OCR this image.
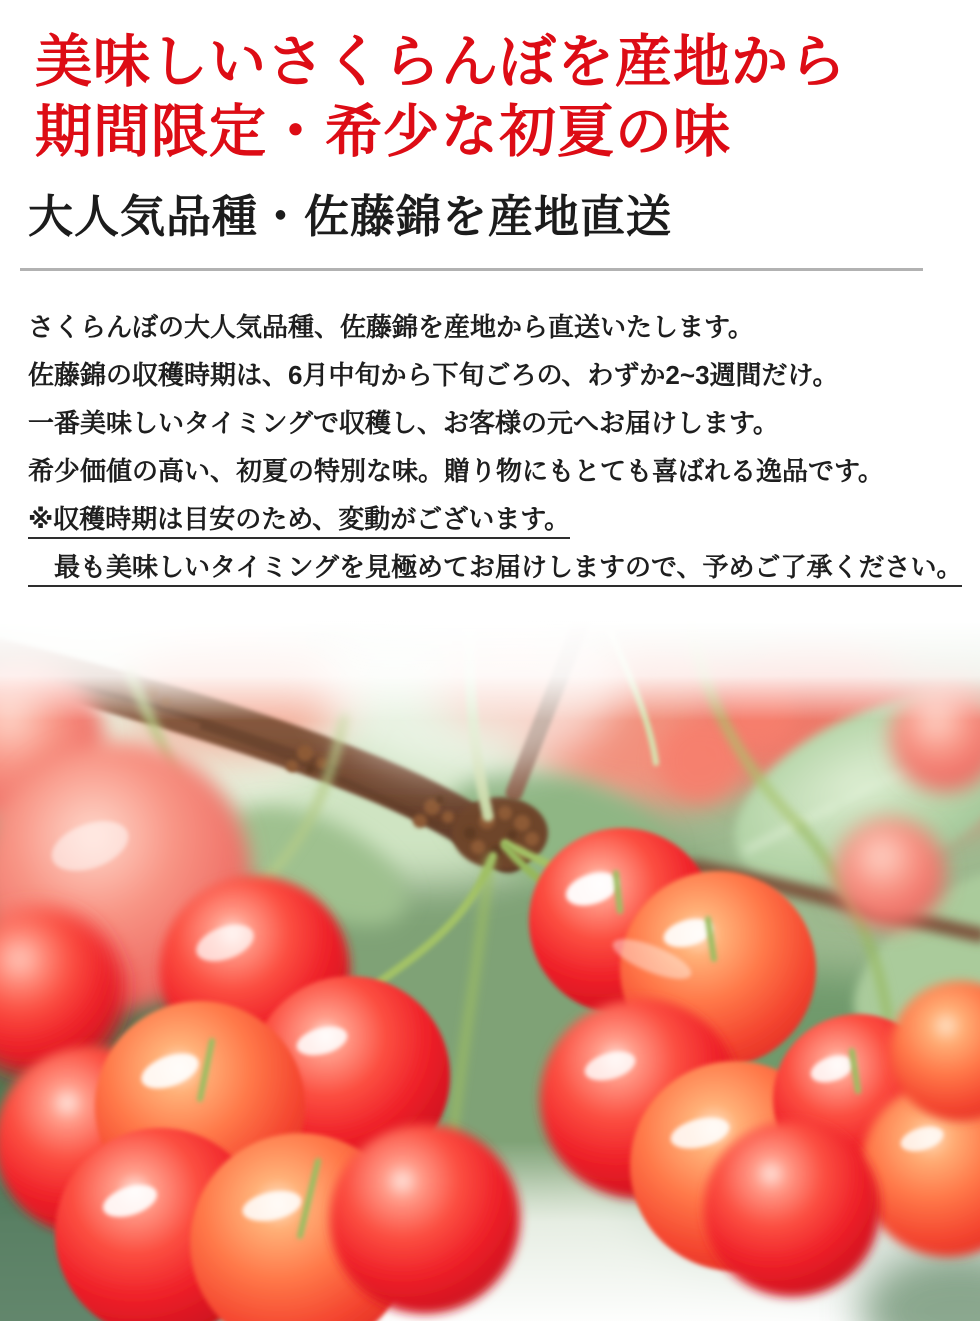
美味しいさくらんぼを産地から
期間限定・希少な初夏の味
大人気品種・佐藤錦を産地直送

さくらんぼの大人気品種、佐藤錦を産地から直送いたします。

佐藤錦の収穫時期は、6月中旬から下旬ごろの、わずか2~3週間だけ。

一番美味しいタイミングで収穫し、お客様の元へお届けします。

希少価値の高い、初夏の特別な味。贈り物にもとても喜ばれる逸品です。

※収穫時期は目安のため、変動がございます。

　最も美味しいタイミングを見極めてお届けしますので、予めご了承ください。
